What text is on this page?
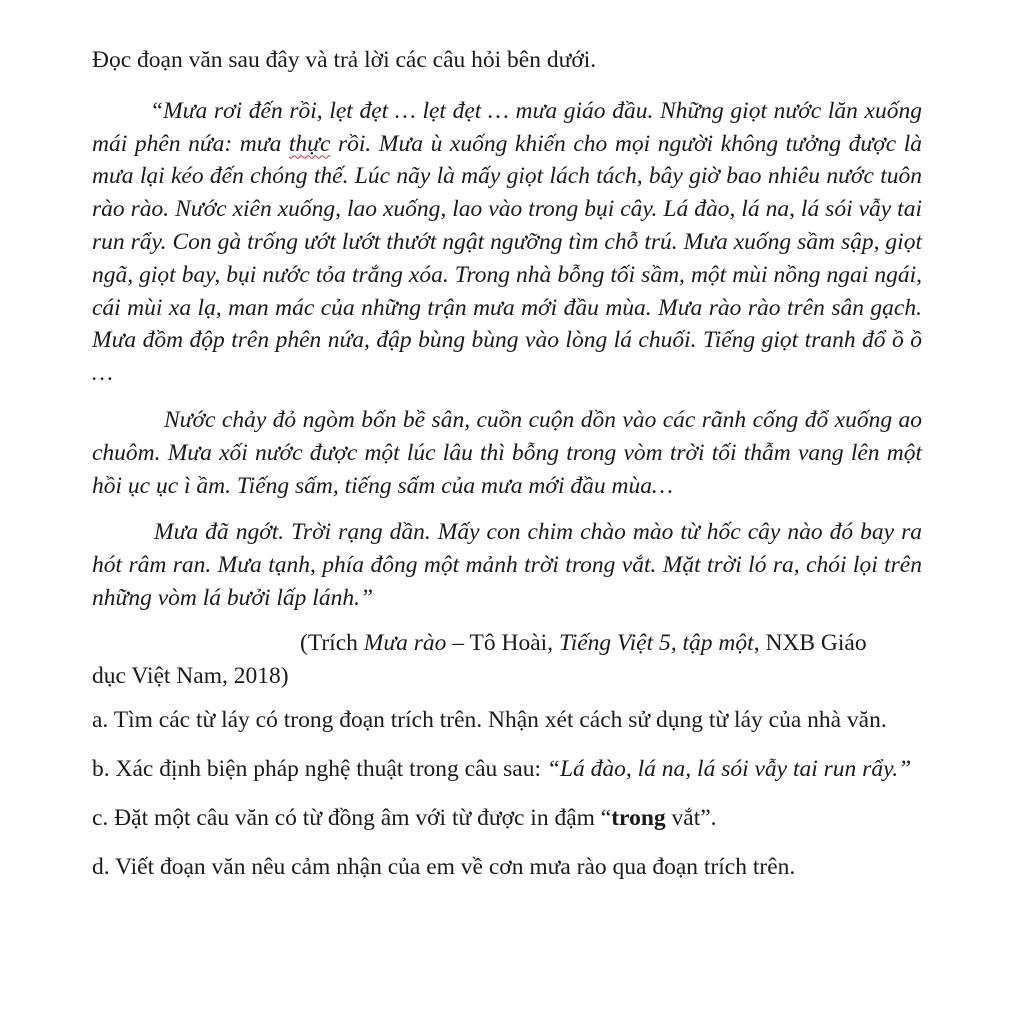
Đọc đoạn văn sau đây và trả lời các câu hỏi bên dưới.

“Mưa rơi đến rồi, lẹt đẹt … lẹt đẹt … mưa giáo đầu. Những giọt nước lăn xuống mái phên nứa: mưa thực rồi. Mưa ù xuống khiến cho mọi người không tưởng được là mưa lại kéo đến chóng thế. Lúc nãy là mấy giọt lách tách, bây giờ bao nhiêu nước tuôn rào rào. Nước xiên xuống, lao xuống, lao vào trong bụi cây. Lá đào, lá na, lá sói vẫy tai run rẩy. Con gà trống ướt lướt thướt ngật ngưỡng tìm chỗ trú. Mưa xuống sầm sập, giọt ngã, giọt bay, bụi nước tỏa trắng xóa. Trong nhà bỗng tối sầm, một mùi nồng ngai ngái, cái mùi xa lạ, man mác của những trận mưa mới đầu mùa. Mưa rào rào trên sân gạch. Mưa đồm độp trên phên nứa, đập bùng bùng vào lòng lá chuối. Tiếng giọt tranh đổ ồ ồ …

Nước chảy đỏ ngòm bốn bề sân, cuồn cuộn dồn vào các rãnh cống đổ xuống ao chuôm. Mưa xối nước được một lúc lâu thì bỗng trong vòm trời tối thẫm vang lên một hồi ục ục ì ầm. Tiếng sấm, tiếng sấm của mưa mới đầu mùa…

Mưa đã ngớt. Trời rạng dần. Mấy con chim chào mào từ hốc cây nào đó bay ra hót râm ran. Mưa tạnh, phía đông một mảnh trời trong vắt. Mặt trời ló ra, chói lọi trên những vòm lá bưởi lấp lánh.”

(Trích Mưa rào – Tô Hoài, Tiếng Việt 5, tập một, NXB Giáo
dục Việt Nam, 2018)

a. Tìm các từ láy có trong đoạn trích trên. Nhận xét cách sử dụng từ láy của nhà văn.

b. Xác định biện pháp nghệ thuật trong câu sau: “Lá đào, lá na, lá sói vẫy tai run rẩy.”

c. Đặt một câu văn có từ đồng âm với từ được in đậm “trong vắt”.

d. Viết đoạn văn nêu cảm nhận của em về cơn mưa rào qua đoạn trích trên.
